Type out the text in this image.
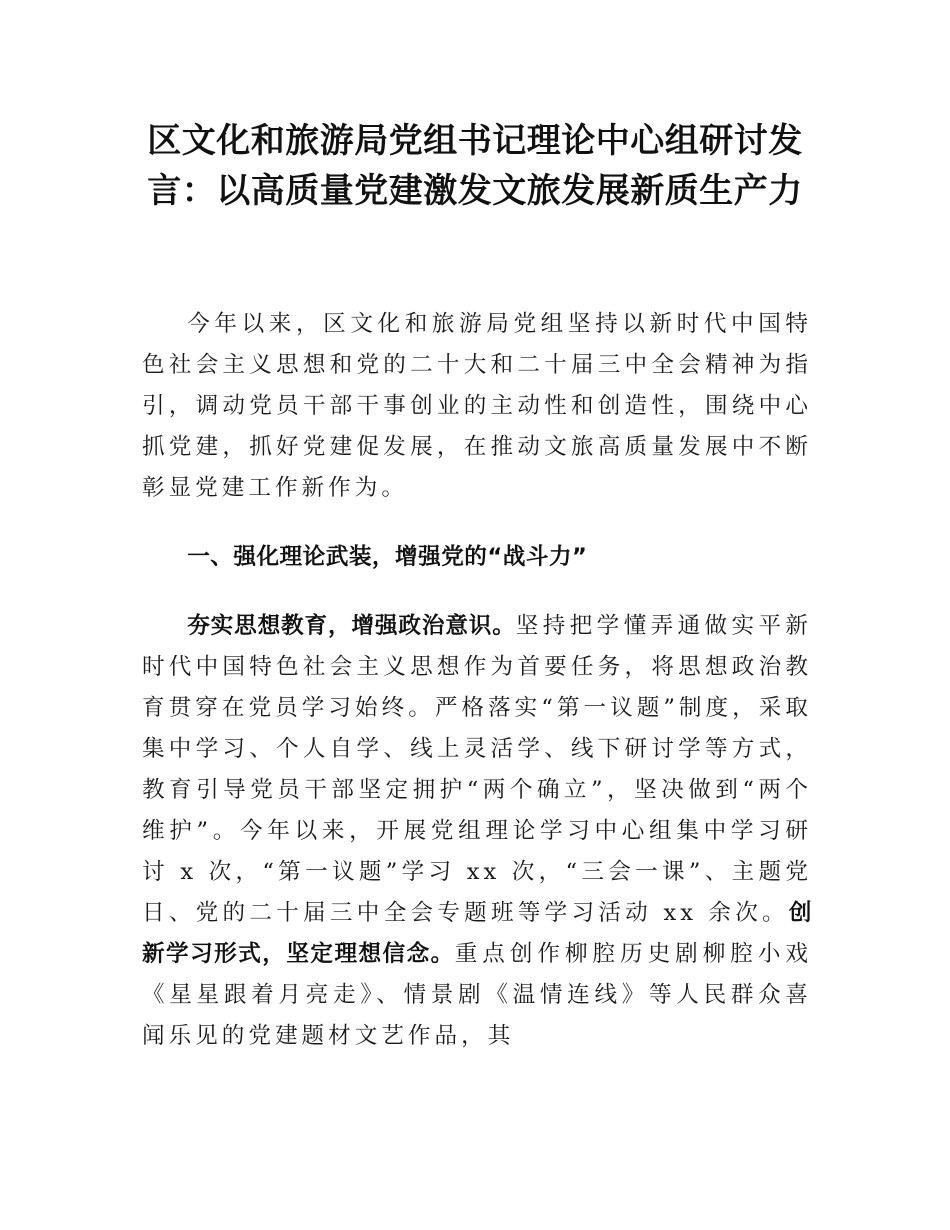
区文化和旅游局党组书记理论中心组研讨发
言：以高质量党建激发文旅发展新质生产力

今年以来，区文化和旅游局党组坚持以新时代中国特色社会主义思想和党的二十大和二十届三中全会精神为指引，调动党员干部干事创业的主动性和创造性，围绕中心抓党建，抓好党建促发展，在推动文旅高质量发展中不断彰显党建工作新作为。

一、强化理论武装，增强党的“战斗力”

夯实思想教育，增强政治意识。坚持把学懂弄通做实平新时代中国特色社会主义思想作为首要任务，将思想政治教育贯穿在党员学习始终。严格落实“第一议题”制度，采取集中学习、个人自学、线上灵活学、线下研讨学等方式，教育引导党员干部坚定拥护“两个确立”，坚决做到“两个维护”。今年以来，开展党组理论学习中心组集中学习研讨 x 次，“第一议题”学习 xx 次，“三会一课”、主题党日、党的二十届三中全会专题班等学习活动 xx 余次。创新学习形式，坚定理想信念。重点创作柳腔历史剧柳腔小戏《星星跟着月亮走》、情景剧《温情连线》等人民群众喜闻乐见的党建题材文艺作品，其
